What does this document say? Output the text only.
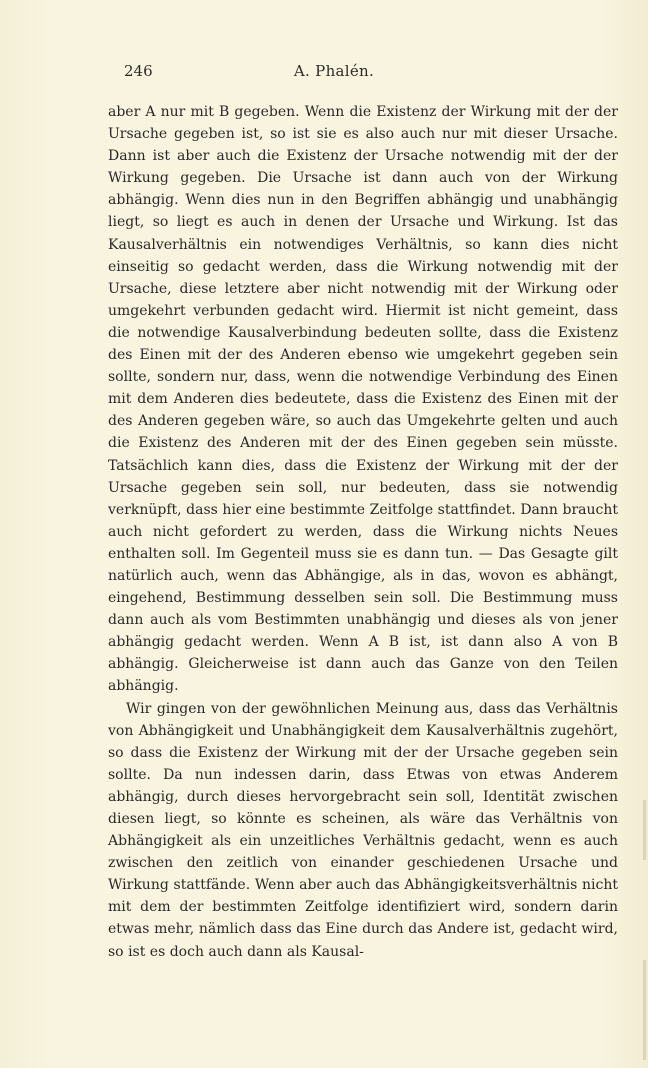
246	A. Phalén.

aber A nur mit B gegeben. Wenn die Existenz der Wirkung mit der der Ursache gegeben ist, so ist sie es also auch nur mit dieser Ursache. Dann ist aber auch die Existenz der Ursache notwendig mit der der Wirkung gegeben. Die Ursache ist dann auch von der Wirkung abhängig. Wenn dies nun in den Begriffen abhängig und unabhängig liegt, so liegt es auch in denen der Ursache und Wirkung. Ist das Kausalverhältnis ein notwendiges Verhältnis, so kann dies nicht einseitig so gedacht werden, dass die Wirkung notwendig mit der Ursache, diese letztere aber nicht notwendig mit der Wirkung oder umgekehrt verbunden gedacht wird. Hiermit ist nicht gemeint, dass die notwendige Kausalverbindung bedeuten sollte, dass die Existenz des Einen mit der des Anderen ebenso wie umgekehrt gegeben sein sollte, sondern nur, dass, wenn die notwendige Verbindung des Einen mit dem Anderen dies bedeutete, dass die Existenz des Einen mit der des Anderen gegeben wäre, so auch das Umgekehrte gelten und auch die Existenz des Anderen mit der des Einen gegeben sein müsste. Tatsächlich kann dies, dass die Existenz der Wirkung mit der der Ursache gegeben sein soll, nur bedeuten, dass sie notwendig verknüpft, dass hier eine bestimmte Zeitfolge stattfindet. Dann braucht auch nicht gefordert zu werden, dass die Wirkung nichts Neues enthalten soll. Im Gegenteil muss sie es dann tun. — Das Gesagte gilt natürlich auch, wenn das Abhängige, als in das, wovon es abhängt, eingehend, Bestimmung desselben sein soll. Die Bestimmung muss dann auch als vom Bestimmten unabhängig und dieses als von jener abhängig gedacht werden. Wenn A B ist, ist dann also A von B abhängig. Gleicherweise ist dann auch das Ganze von den Teilen abhängig.

Wir gingen von der gewöhnlichen Meinung aus, dass das Verhältnis von Abhängigkeit und Unabhängigkeit dem Kausalverhältnis zugehört, so dass die Existenz der Wirkung mit der der Ursache gegeben sein sollte. Da nun indessen darin, dass Etwas von etwas Anderem abhängig, durch dieses hervorgebracht sein soll, Identität zwischen diesen liegt, so könnte es scheinen, als wäre das Verhältnis von Abhängigkeit als ein unzeitliches Verhältnis gedacht, wenn es auch zwischen den zeitlich von einander geschiedenen Ursache und Wirkung stattfände. Wenn aber auch das Abhängigkeitsverhältnis nicht mit dem der bestimmten Zeitfolge identifiziert wird, sondern darin etwas mehr, nämlich dass das Eine durch das Andere ist, gedacht wird, so ist es doch auch dann als Kausal-
